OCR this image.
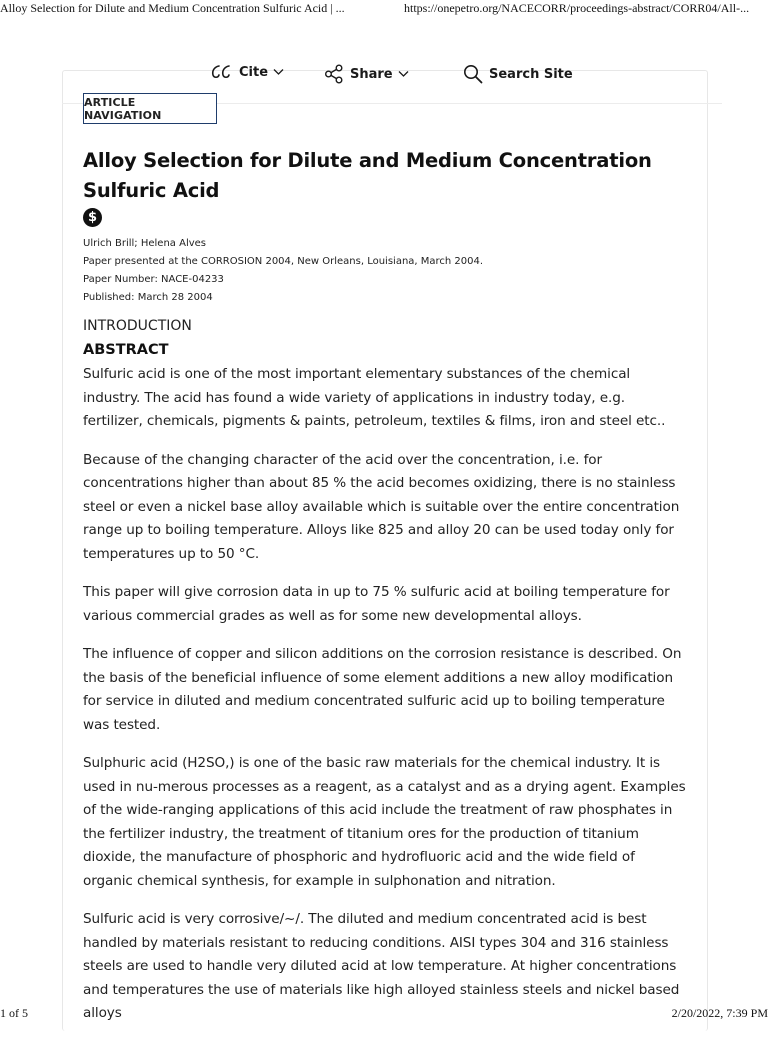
Alloy Selection for Dilute and Medium Concentration Sulfuric Acid | ...	https://onepetro.org/NACECORR/proceedings-abstract/CORR04/All-...
Cite	Share	Search Site
ARTICLE NAVIGATION
Alloy Selection for Dilute and Medium Concentration Sulfuric Acid
$
Ulrich Brill; Helena Alves
Paper presented at the CORROSION 2004, New Orleans, Louisiana, March 2004.
Paper Number: NACE-04233
Published: March 28 2004
INTRODUCTION
ABSTRACT

Sulfuric acid is one of the most important elementary substances of the chemical industry. The acid has found a wide variety of applications in industry today, e.g. fertilizer, chemicals, pigments & paints, petroleum, textiles & films, iron and steel etc..

Because of the changing character of the acid over the concentration, i.e. for concentrations higher than about 85 % the acid becomes oxidizing, there is no stainless steel or even a nickel base alloy available which is suitable over the entire concentration range up to boiling temperature. Alloys like 825 and alloy 20 can be used today only for temperatures up to 50 °C.

This paper will give corrosion data in up to 75 % sulfuric acid at boiling temperature for various commercial grades as well as for some new developmental alloys.

The influence of copper and silicon additions on the corrosion resistance is described. On the basis of the beneficial influence of some element additions a new alloy modification for service in diluted and medium concentrated sulfuric acid up to boiling temperature was tested.

Sulphuric acid (H2SO,) is one of the basic raw materials for the chemical industry. It is used in nu-merous processes as a reagent, as a catalyst and as a drying agent. Examples of the wide-ranging applications of this acid include the treatment of raw phosphates in the fertilizer industry, the treatment of titanium ores for the production of titanium dioxide, the manufacture of phosphoric and hydrofluoric acid and the wide field of organic chemical synthesis, for example in sulphonation and nitration.

Sulfuric acid is very corrosive/~/. The diluted and medium concentrated acid is best handled by materials resistant to reducing conditions. AISI types 304 and 316 stainless steels are used to handle very diluted acid at low temperature. At higher concentrations and temperatures the use of materials like high alloyed stainless steels and nickel based alloys

1 of 5	2/20/2022, 7:39 PM
